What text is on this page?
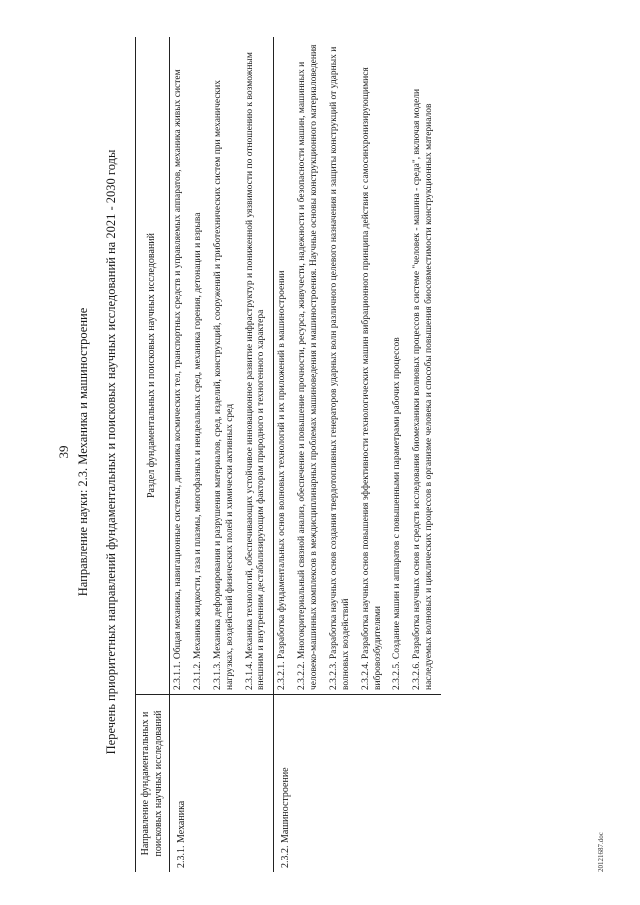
39 Направление науки: 2.3. Механика и машиностроение Перечень приоритетных направлений фундаментальных и поисковых научных исследований на 2021 - 2030 годы
Направление фундаментальных и поисковых научных исследований	Раздел фундаментальных и поисковых научных исследований
2.3.1. Механика	2.3.1.1. Общая механика, навигационные системы, динамика космических тел, транспортных средств и управляемых аппаратов, механика живых систем

	2.3.1.2. Механика жидкости, газа и плазмы, многофазных и неидеальных сред, механика горения, детонации и взрыва

	2.3.1.3. Механика деформирования и разрушения материалов, сред, изделий, конструкций, сооружений и триботехнических систем при механических нагрузках, воздействий физических полей и химически активных сред

	2.3.1.4. Механика технологий, обеспечивающих устойчивое инновационное развитие инфраструктур и пониженной уязвимости по отношению к возможным внешним и внутренним дестабилизирующим факторам природного и техногенного характера

2.3.2. Машиностроение	2.3.2.1. Разработка фундаментальных основ волновых технологий и их приложений в машиностроении

	2.3.2.2. Многокритериальный связной анализ, обеспечение и повышение прочности, ресурса, живучести, надежности и безопасности машин, машинных и человеко-машинных комплексов в междисциплинарных проблемах машиноведения и машиностроения. Научные основы конструкционного материаловедения

	2.3.2.3. Разработка научных основ создания твердотопливных генераторов ударных волн различного целевого назначения и защиты конструкций от ударных и волновых воздействий

	2.3.2.4. Разработка научных основ повышения эффективности технологических машин вибрационного принципа действия с самосинхронизирующимися вибровозбудителями

	2.3.2.5. Создание машин и аппаратов с повышенными параметрами рабочих процессов

	2.3.2.6. Разработка научных основ и средств исследования биомеханики волновых процессов в системе "человек - машина - среда", включая модели наследуемых волновых и циклических процессов в организме человека и способы повышения биосовместимости конструкционных материалов
20121687.doc
